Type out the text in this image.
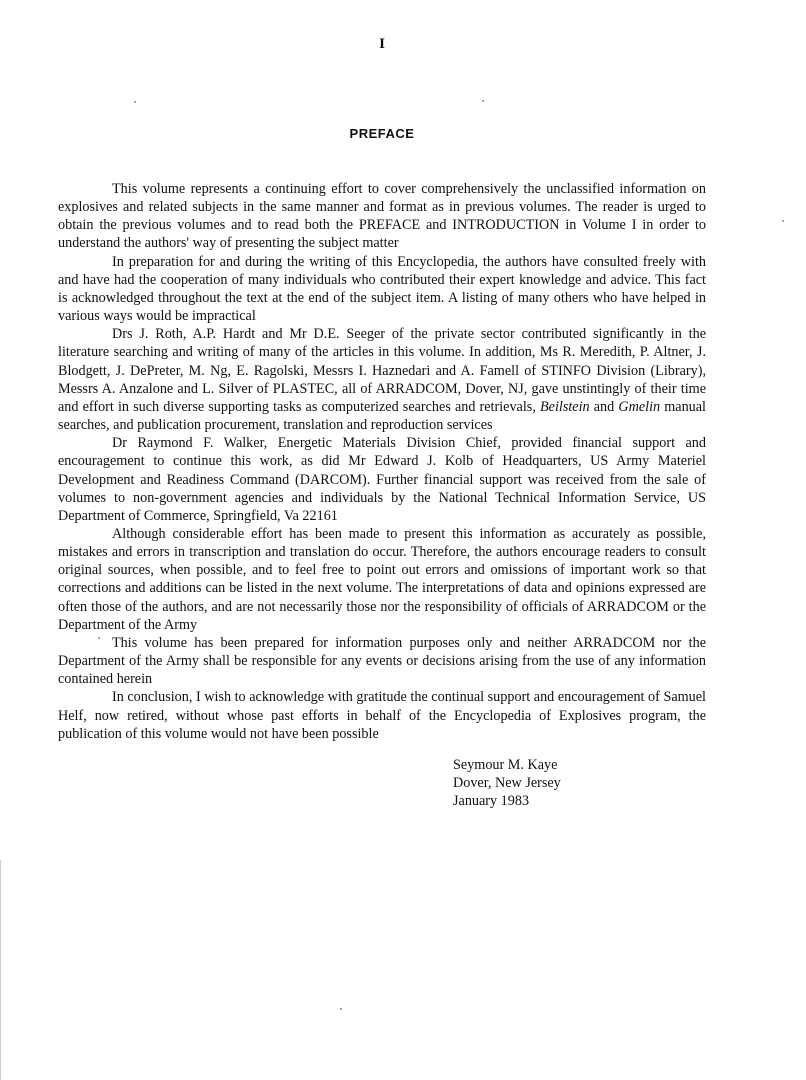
I
PREFACE

This volume represents a continuing effort to cover comprehensively the unclassified information on explosives and related subjects in the same manner and format as in previous volumes. The reader is urged to obtain the previous volumes and to read both the PREFACE and INTRODUCTION in Volume I in order to understand the authors' way of presenting the subject matter

In preparation for and during the writing of this Encyclopedia, the authors have consulted freely with and have had the cooperation of many individuals who contributed their expert knowledge and advice. This fact is acknowledged throughout the text at the end of the subject item. A listing of many others who have helped in various ways would be impractical

Drs J. Roth, A.P. Hardt and Mr D.E. Seeger of the private sector contributed significantly in the literature searching and writing of many of the articles in this volume. In addition, Ms R. Meredith, P. Altner, J. Blodgett, J. DePreter, M. Ng, E. Ragolski, Messrs I. Haznedari and A. Famell of STINFO Division (Library), Messrs A. Anzalone and L. Silver of PLASTEC, all of ARRADCOM, Dover, NJ, gave unstintingly of their time and effort in such diverse supporting tasks as computerized searches and retrievals, Beilstein and Gmelin manual searches, and publication procurement, translation and reproduction services

Dr Raymond F. Walker, Energetic Materials Division Chief, provided financial support and encouragement to continue this work, as did Mr Edward J. Kolb of Headquarters, US Army Materiel Development and Readiness Command (DARCOM). Further financial support was received from the sale of volumes to non-government agencies and individuals by the National Technical Information Service, US Department of Commerce, Springfield, Va 22161

Although considerable effort has been made to present this information as accurately as possible, mistakes and errors in transcription and translation do occur. Therefore, the authors encourage readers to consult original sources, when possible, and to feel free to point out errors and omissions of important work so that corrections and additions can be listed in the next volume. The interpretations of data and opinions expressed are often those of the authors, and are not necessarily those nor the responsibility of officials of ARRADCOM or the Department of the Army

This volume has been prepared for information purposes only and neither ARRADCOM nor the Department of the Army shall be responsible for any events or decisions arising from the use of any information contained herein

In conclusion, I wish to acknowledge with gratitude the continual support and encouragement of Samuel Helf, now retired, without whose past efforts in behalf of the Encyclopedia of Explosives program, the publication of this volume would not have been possible

Seymour M. Kaye
Dover, New Jersey
January 1983
